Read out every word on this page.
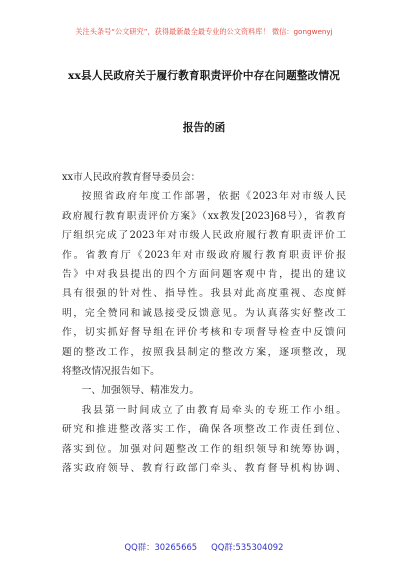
关注头条号“公文研究”，获得最新最全最专业的公文资料库！ 微信：gongwenyj
xx县人民政府关于履行教育职责评价中存在问题整改情况
报告的函

xx市人民政府教育督导委员会：

按照省政府年度工作部署，依据《2023年对市级人民

政府履行教育职责评价方案》（xx教发[2023]68号），省教育

厅组织完成了2023年对市级人民政府履行教育职责评价工

作。省教育厅《2023年对市级政府履行教育职责评价报

告》中对我县提出的四个方面问题客观中肯，提出的建议

具有很强的针对性、指导性。我县对此高度重视、态度鲜

明，完全赞同和诚恳接受反馈意见。为认真落实好整改工

作，切实抓好督导组在评价考核和专项督导检查中反馈问

题的整改工作，按照我县制定的整改方案，逐项整改，现

将整改情况报告如下。

一、加强领导、精准发力。

我县第一时间成立了由教育局牵头的专班工作小组。

研究和推进整改落实工作，确保各项整改工作责任到位、

落实到位。加强对问题整改工作的组织领导和统筹协调，

落实政府领导、教育行政部门牵头、教育督导机构协调、

QQ群：30265665 QQ群:535304092
